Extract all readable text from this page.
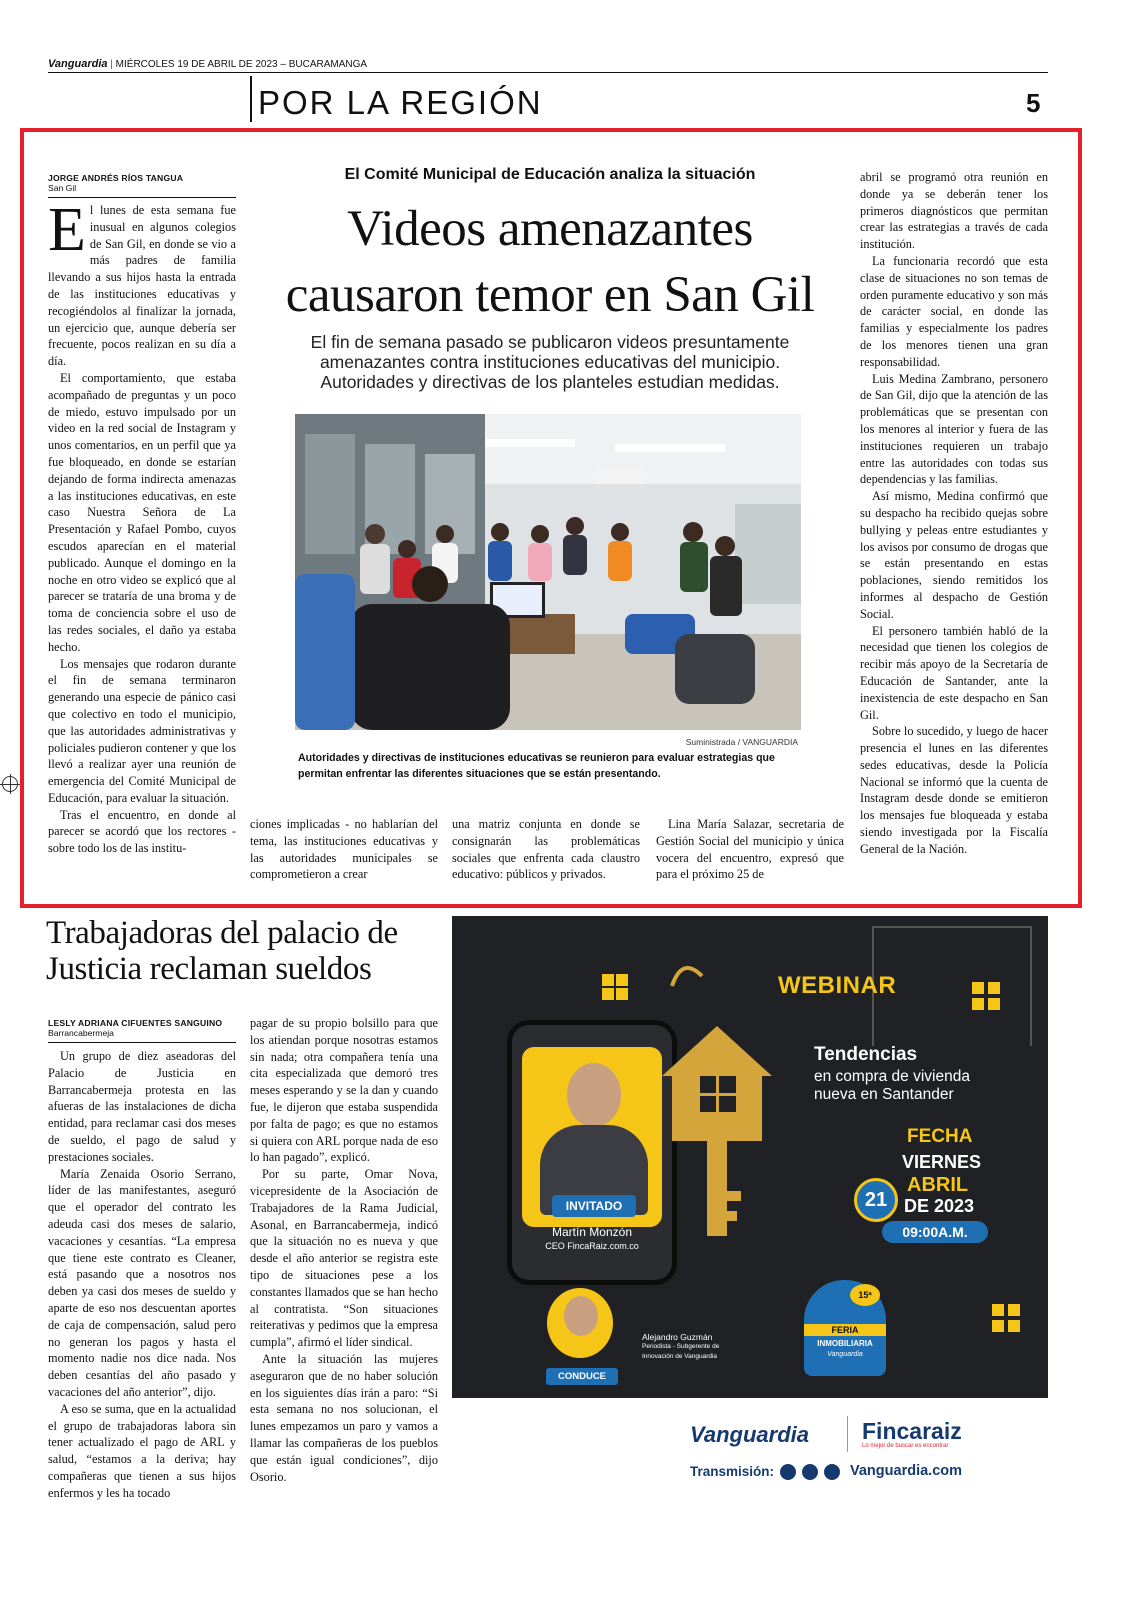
Vanguardia | MIÉRCOLES 19 DE ABRIL DE 2023 – BUCARAMANGA
POR LA REGIÓN	5
JORGE ANDRÉS RÍOS TANGUA
San Gil

El lunes de esta semana fue inusual en algunos colegios de San Gil, en donde se vio a más padres de familia llevando a sus hijos hasta la entrada de las instituciones educativas y recogiéndolos al finalizar la jornada, un ejercicio que, aunque debería ser frecuente, pocos realizan en su día a día.

El comportamiento, que estaba acompañado de preguntas y un poco de miedo, estuvo impulsado por un video en la red social de Instagram y unos comentarios, en un perfil que ya fue bloqueado, en donde se estarían dejando de forma indirecta amenazas a las instituciones educativas, en este caso Nuestra Señora de La Presentación y Rafael Pombo, cuyos escudos aparecían en el material publicado. Aunque el domingo en la noche en otro video se explicó que al parecer se trataría de una broma y de toma de conciencia sobre el uso de las redes sociales, el daño ya estaba hecho.

Los mensajes que rodaron durante el fin de semana terminaron generando una especie de pánico casi que colectivo en todo el municipio, que las autoridades administrativas y policiales pudieron contener y que los llevó a realizar ayer una reunión de emergencia del Comité Municipal de Educación, para evaluar la situación.

Tras el encuentro, en donde al parecer se acordó que los rectores - sobre todo los de las institu-

El Comité Municipal de Educación analiza la situación
Videos amenazantes
causaron temor en San Gil
El fin de semana pasado se publicaron videos presuntamente
amenazantes contra instituciones educativas del municipio.
Autoridades y directivas de los planteles estudian medidas.
Suministrada / VANGUARDIA
Autoridades y directivas de instituciones educativas se reunieron para evaluar estrategias que permitan enfrentar las diferentes situaciones que se están presentando.

ciones implicadas - no hablarían del tema, las instituciones educativas y las autoridades municipales se comprometieron a crear

una matriz conjunta en donde se consignarán las problemáticas sociales que enfrenta cada claustro educativo: públicos y privados.

Lina María Salazar, secretaria de Gestión Social del municipio y única vocera del encuentro, expresó que para el próximo 25 de

abril se programó otra reunión en donde ya se deberán tener los primeros diagnósticos que permitan crear las estrategias a través de cada institución.

La funcionaria recordó que esta clase de situaciones no son temas de orden puramente educativo y son más de carácter social, en donde las familias y especialmente los padres de los menores tienen una gran responsabilidad.

Luis Medina Zambrano, personero de San Gil, dijo que la atención de las problemáticas que se presentan con los menores al interior y fuera de las instituciones requieren un trabajo entre las autoridades con todas sus dependencias y las familias.

Así mismo, Medina confirmó que su despacho ha recibido quejas sobre bullying y peleas entre estudiantes y los avisos por consumo de drogas que se están presentando en estas poblaciones, siendo remitidos los informes al despacho de Gestión Social.

El personero también habló de la necesidad que tienen los colegios de recibir más apoyo de la Secretaría de Educación de Santander, ante la inexistencia de este despacho en San Gil.

Sobre lo sucedido, y luego de hacer presencia el lunes en las diferentes sedes educativas, desde la Policía Nacional se informó que la cuenta de Instagram desde donde se emitieron los mensajes fue bloqueada y estaba siendo investigada por la Fiscalía General de la Nación.

Trabajadoras del palacio de
Justicia reclaman sueldos
LESLY ADRIANA CIFUENTES SANGUINO
Barrancabermeja

Un grupo de diez aseadoras del Palacio de Justicia en Barrancabermeja protesta en las afueras de las instalaciones de dicha entidad, para reclamar casi dos meses de sueldo, el pago de salud y prestaciones sociales.

María Zenaida Osorio Serrano, líder de las manifestantes, aseguró que el operador del contrato les adeuda casi dos meses de salario, vacaciones y cesantías. “La empresa que tiene este contrato es Cleaner, está pasando que a nosotros nos deben ya casi dos meses de sueldo y aparte de eso nos descuentan aportes de caja de compensación, salud pero no generan los pagos y hasta el momento nadie nos dice nada. Nos deben cesantías del año pasado y vacaciones del año anterior”, dijo.

A eso se suma, que en la actualidad el grupo de trabajadoras labora sin tener actualizado el pago de ARL y salud, “estamos a la deriva; hay compañeras que tienen a sus hijos enfermos y les ha tocado

pagar de su propio bolsillo para que los atiendan porque nosotras estamos sin nada; otra compañera tenía una cita especializada que demoró tres meses esperando y se la dan y cuando fue, le dijeron que estaba suspendida por falta de pago; es que no estamos si quiera con ARL porque nada de eso lo han pagado”, explicó.

Por su parte, Omar Nova, vicepresidente de la Asociación de Trabajadores de la Rama Judicial, Asonal, en Barrancabermeja, indicó que la situación no es nueva y que desde el año anterior se registra este tipo de situaciones pese a los constantes llamados que se han hecho al contratista. “Son situaciones reiterativas y pedimos que la empresa cumpla”, afirmó el líder sindical.

Ante la situación las mujeres aseguraron que de no haber solución en los siguientes días irán a paro: “Si esta semana no nos solucionan, el lunes empezamos un paro y vamos a llamar las compañeras de los pueblos que están igual condiciones”, dijo Osorio.

WEBINAR
INVITADO
Martín Monzón
CEO FincaRaiz.com.co
Tendencias
en compra de vivienda
nueva en Santander
FECHA
VIERNES
21
ABRIL
DE 2023
09:00A.M.
CONDUCE
Alejandro Guzmán
Periodista - Subgerente de
Innovación de Vanguardia
15ª
FERIA
INMOBILIARIA
Vanguardia
Vanguardia Fincaraiz
Lo mejor de buscar es encontrar
Transmisión:	Vanguardia.com
